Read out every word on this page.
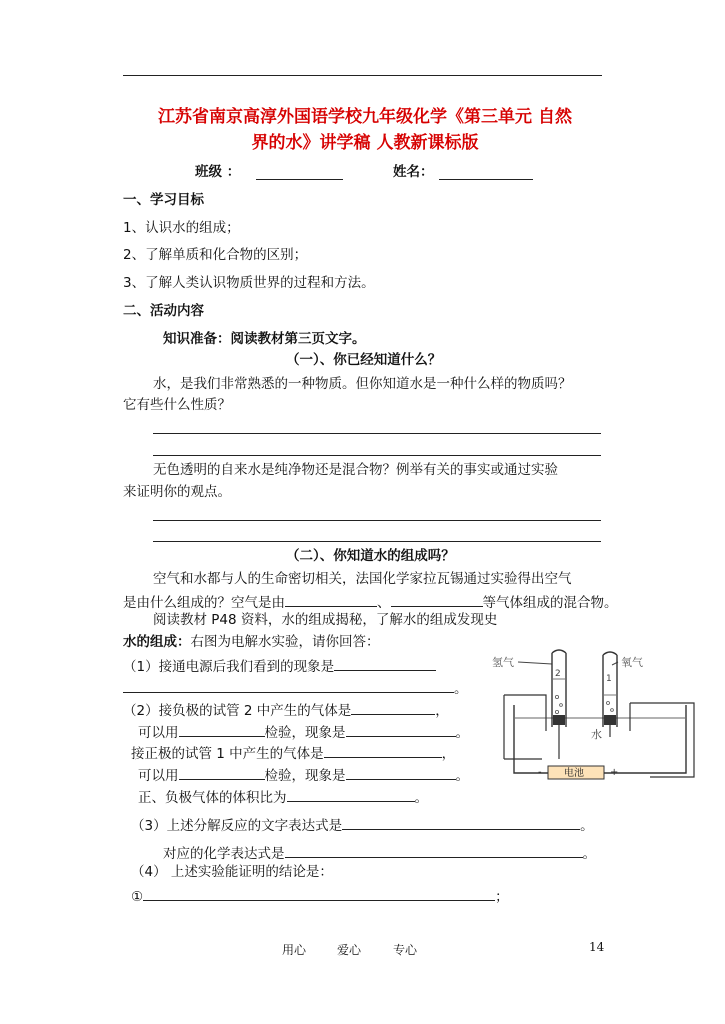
江苏省南京高淳外国语学校九年级化学《第三单元 自然
界的水》讲学稿 人教新课标版
班级 ：	姓名：
一、学习目标
1、认识水的组成；
2、了解单质和化合物的区别；
3、了解人类认识物质世界的过程和方法。
二、活动内容
知识准备：阅读教材第三页文字。
（一）、你已经知道什么？
水，是我们非常熟悉的一种物质。但你知道水是一种什么样的物质吗？
它有些什么性质？
无色透明的自来水是纯净物还是混合物？例举有关的事实或通过实验
来证明你的观点。
（二）、你知道水的组成吗？
空气和水都与人的生命密切相关，法国化学家拉瓦锡通过实验得出空气
是由什么组成的？空气是由	、	等气体组成的混合物。
阅读教材 P48 资料，水的组成揭秘，了解水的组成发现史
水的组成：右图为电解水实验，请你回答：
（1）接通电源后我们看到的现象是
。
（2）接负极的试管 2 中产生的气体是	，
可以用	检验，现象是	。
接正极的试管 1 中产生的气体是	，
可以用	检验，现象是	。
正、负极气体的体积比为	。
（3）上述分解反应的文字表达式是	。
对应的化学表达式是	。
（4） 上述实验能证明的结论是：
①	；
氢气	氧气
水
2	1
电池
-	+
用心	爱心	专心	14
